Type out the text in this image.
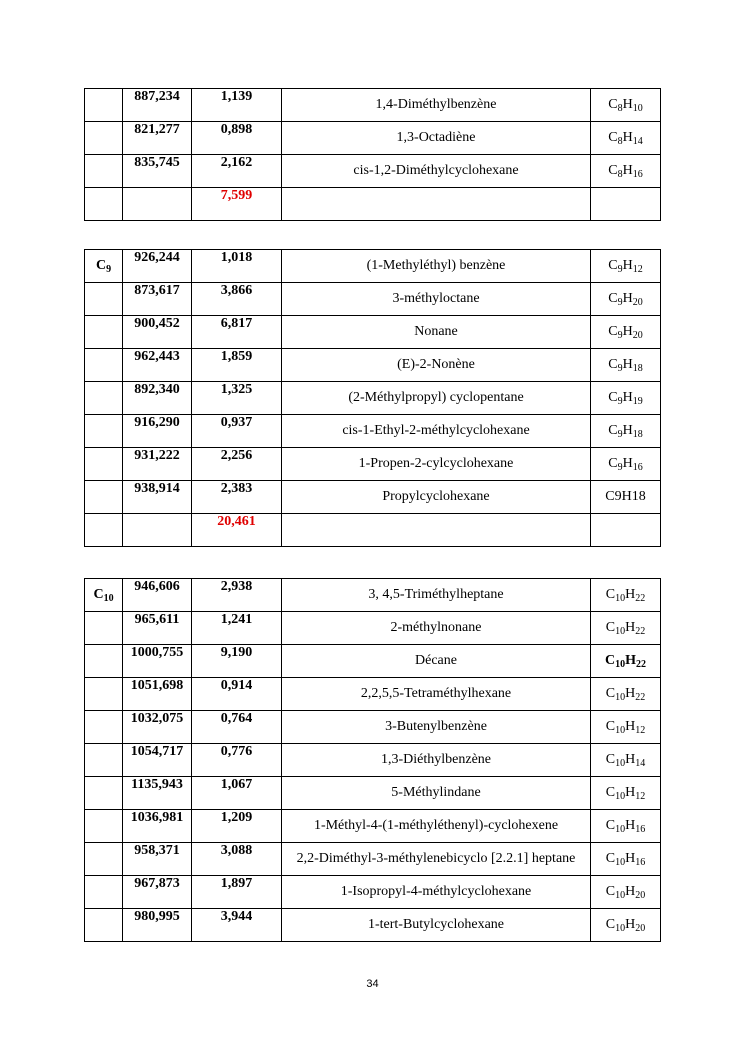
	887,234	1,139	1,4-Diméthylbenzène	$C_8H_{10}$
	821,277	0,898	1,3-Octadiène	$C_8H_{14}$
	835,745	2,162	cis-1,2-Diméthylcyclohexane	$C_8H_{16}$
		7,599		
$C_9$	926,244	1,018	(1-Methyléthyl) benzène	$C_9H_{12}$
	873,617	3,866	3-méthyloctane	$C_9H_{20}$
	900,452	6,817	Nonane	$C_9H_{20}$
	962,443	1,859	(E)-2-Nonène	$C_9H_{18}$
	892,340	1,325	(2-Méthylpropyl) cyclopentane	$C_9H_{19}$
	916,290	0,937	cis-1-Ethyl-2-méthylcyclohexane	$C_9H_{18}$
	931,222	2,256	1-Propen-2-cylcyclohexane	$C_9H_{16}$
	938,914	2,383	Propylcyclohexane	C9H18
		20,461		
$C_{10}$	946,606	2,938	3, 4,5-Triméthylheptane	$C_{10}H_{22}$
	965,611	1,241	2-méthylnonane	$C_{10}H_{22}$
	1000,755	9,190	Décane	$C_{10}H_{22}$
	1051,698	0,914	2,2,5,5-Tetraméthylhexane	$C_{10}H_{22}$
	1032,075	0,764	3-Butenylbenzène	$C_{10}H_{12}$
	1054,717	0,776	1,3-Diéthylbenzène	$C_{10}H_{14}$
	1135,943	1,067	5-Méthylindane	$C_{10}H_{12}$
	1036,981	1,209	1-Méthyl-4-(1-méthyléthenyl)-cyclohexene	$C_{10}H_{16}$
	958,371	3,088	2,2-Diméthyl-3-méthylenebicyclo [2.2.1] heptane	$C_{10}H_{16}$
	967,873	1,897	1-Isopropyl-4-méthylcyclohexane	$C_{10}H_{20}$
	980,995	3,944	1-tert-Butylcyclohexane	$C_{10}H_{20}$
34
